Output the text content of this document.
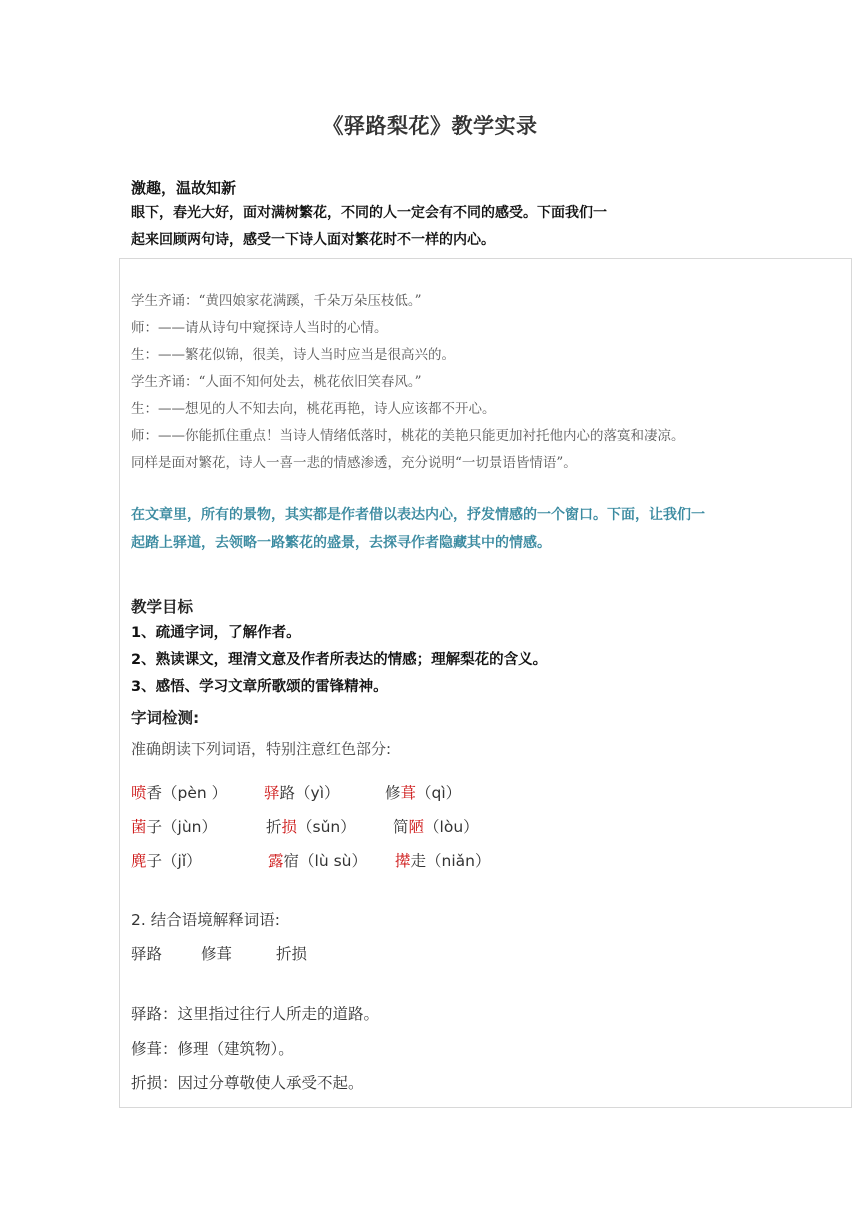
《驿路梨花》教学实录
激趣，温故知新
眼下，春光大好，面对满树繁花，不同的人一定会有不同的感受。下面我们一
起来回顾两句诗，感受一下诗人面对繁花时不一样的内心。
学生齐诵：“黄四娘家花满蹊，千朵万朵压枝低。”
师：——请从诗句中窥探诗人当时的心情。
生：——繁花似锦，很美，诗人当时应当是很高兴的。
学生齐诵：“人面不知何处去，桃花依旧笑春风。”
生：——想见的人不知去向，桃花再艳，诗人应该都不开心。
师：——你能抓住重点！当诗人情绪低落时，桃花的美艳只能更加衬托他内心的落寞和凄凉。
同样是面对繁花，诗人一喜一悲的情感渗透，充分说明“一切景语皆情语”。
在文章里，所有的景物，其实都是作者借以表达内心，抒发情感的一个窗口。下面，让我们一
起踏上驿道，去领略一路繁花的盛景，去探寻作者隐藏其中的情感。
教学目标
1、疏通字词，了解作者。
2、熟读课文，理清文意及作者所表达的情感；理解梨花的含义。
3、感悟、学习文章所歌颂的雷锋精神。
字词检测:
准确朗读下列词语，特别注意红色部分:
喷香（pèn ） 驿路（yì）	修葺（qì）
菌子（jùn）	折损（sǔn） 简陋（lòu）
麂子（jǐ）	露宿（lù sù） 撵走（niǎn）
2. 结合语境解释词语:
驿路	修葺	折损
驿路：这里指过往行人所走的道路。
修葺：修理（建筑物）。
折损：因过分尊敬使人承受不起。
